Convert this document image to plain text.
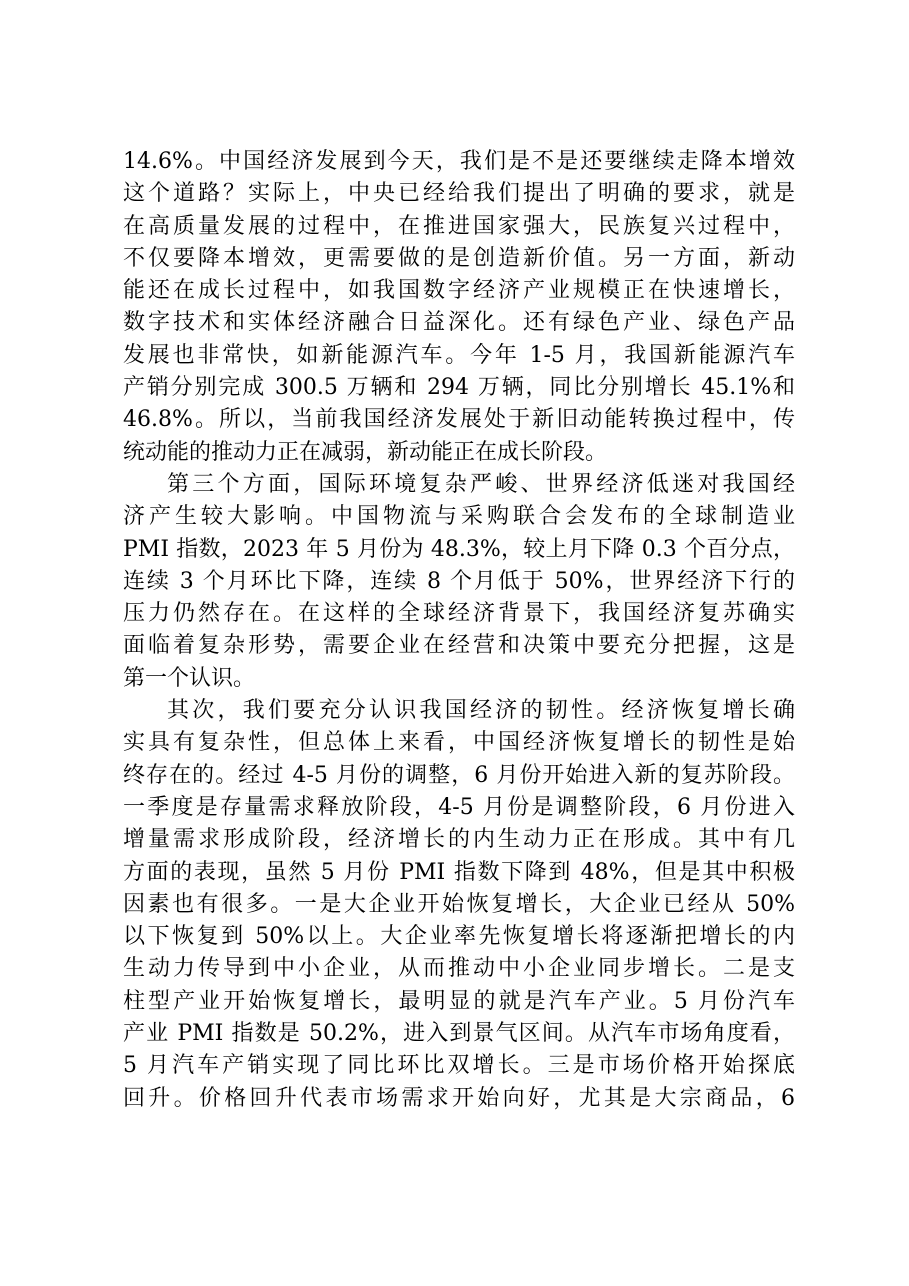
14.6%。中国经济发展到今天，我们是不是还要继续走降本增效
这个道路？实际上，中央已经给我们提出了明确的要求，就是
在高质量发展的过程中，在推进国家强大，民族复兴过程中，
不仅要降本增效，更需要做的是创造新价值。另一方面，新动
能还在成长过程中，如我国数字经济产业规模正在快速增长，
数字技术和实体经济融合日益深化。还有绿色产业、绿色产品
发展也非常快，如新能源汽车。今年 1-5 月，我国新能源汽车
产销分别完成 300.5 万辆和 294 万辆，同比分别增长 45.1%和
46.8%。所以，当前我国经济发展处于新旧动能转换过程中，传
统动能的推动力正在减弱，新动能正在成长阶段。
第三个方面，国际环境复杂严峻、世界经济低迷对我国经
济产生较大影响。中国物流与采购联合会发布的全球制造业
PMI 指数，2023 年 5 月份为 48.3%，较上月下降 0.3 个百分点，
连续 3 个月环比下降，连续 8 个月低于 50%，世界经济下行的
压力仍然存在。在这样的全球经济背景下，我国经济复苏确实
面临着复杂形势，需要企业在经营和决策中要充分把握，这是
第一个认识。
其次，我们要充分认识我国经济的韧性。经济恢复增长确
实具有复杂性，但总体上来看，中国经济恢复增长的韧性是始
终存在的。经过 4-5 月份的调整，6 月份开始进入新的复苏阶段。
一季度是存量需求释放阶段，4-5 月份是调整阶段，6 月份进入
增量需求形成阶段，经济增长的内生动力正在形成。其中有几
方面的表现，虽然 5 月份 PMI 指数下降到 48%，但是其中积极
因素也有很多。一是大企业开始恢复增长，大企业已经从 50%
以下恢复到 50%以上。大企业率先恢复增长将逐渐把增长的内
生动力传导到中小企业，从而推动中小企业同步增长。二是支
柱型产业开始恢复增长，最明显的就是汽车产业。5 月份汽车
产业 PMI 指数是 50.2%，进入到景气区间。从汽车市场角度看，
5 月汽车产销实现了同比环比双增长。三是市场价格开始探底
回升。价格回升代表市场需求开始向好，尤其是大宗商品，6
